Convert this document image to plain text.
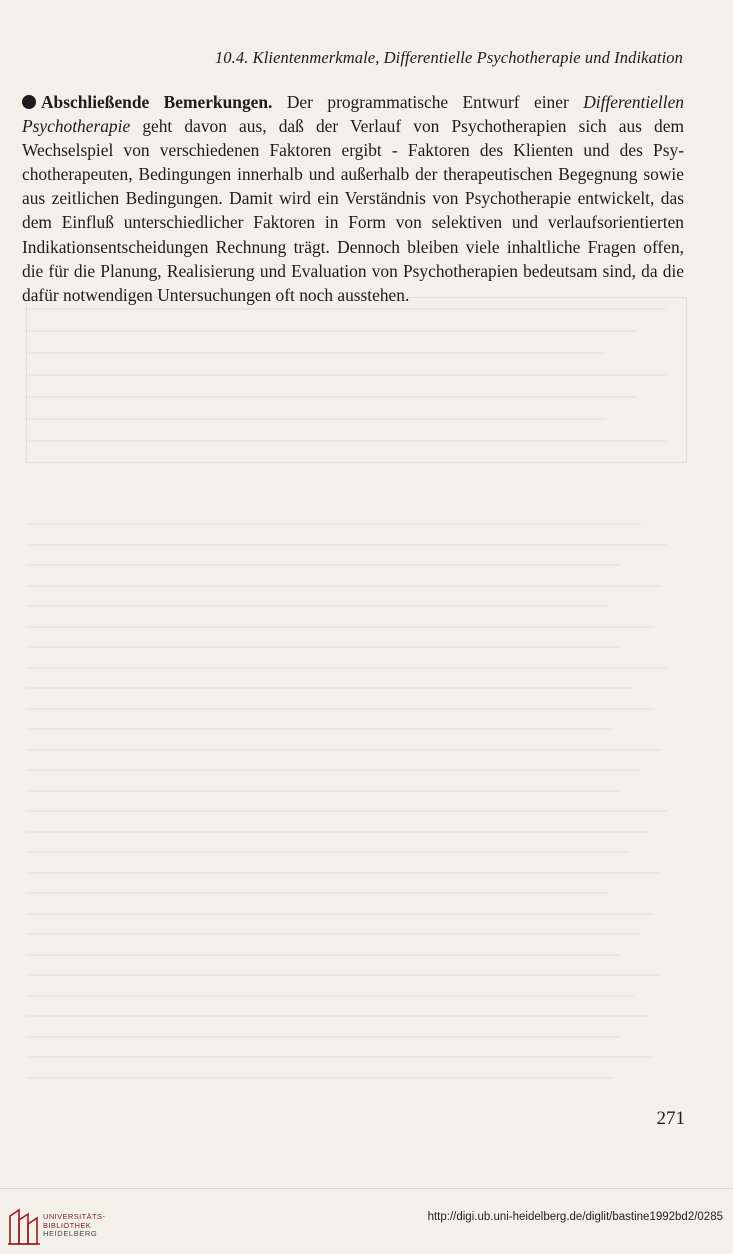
10.4. Klientenmerkmale, Differentielle Psychotherapie und Indikation
Abschließende Bemerkungen. Der programmatische Entwurf einer Differentiellen Psychotherapie geht davon aus, daß der Verlauf von Psychotherapien sich aus dem Wechselspiel von verschiedenen Faktoren ergibt - Faktoren des Klienten und des Psychotherapeuten, Bedingungen innerhalb und außerhalb der therapeutischen Begegnung sowie aus zeitlichen Bedingungen. Damit wird ein Verständnis von Psychotherapie entwickelt, das dem Einfluß unterschiedlicher Faktoren in Form von selektiven und verlaufsorientierten Indikationsentscheidungen Rechnung trägt. Dennoch bleiben viele inhaltliche Fragen offen, die für die Planung, Realisierung und Evaluation von Psychotherapien bedeutsam sind, da die dafür notwendigen Untersuchungen oft noch ausstehen.
271
UNIVERSITÄTS-
BIBLIOTHEK
HEIDELBERG
http://digi.ub.uni-heidelberg.de/diglit/bastine1992bd2/0285
